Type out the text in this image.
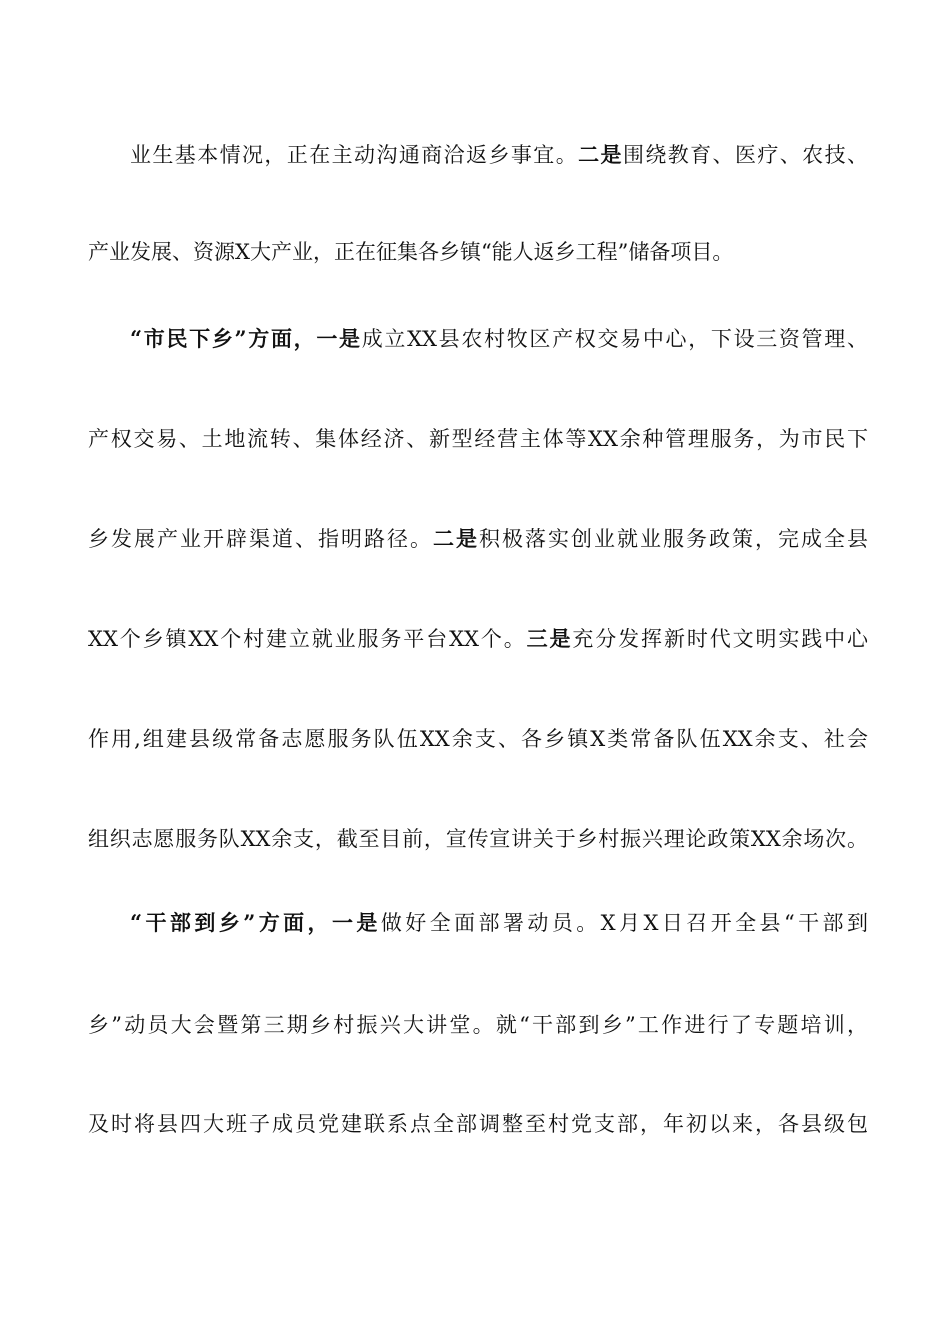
业生基本情况，正在主动沟通商洽返乡事宜。二是围绕教育、医疗、农技、
产业发展、资源X大产业，正在征集各乡镇“能人返乡工程”储备项目。
“市民下乡”方面，一是成立XX县农村牧区产权交易中心，下设三资管理、
产权交易、土地流转、集体经济、新型经营主体等XX余种管理服务，为市民下
乡发展产业开辟渠道、指明路径。二是积极落实创业就业服务政策，完成全县
XX个乡镇XX个村建立就业服务平台XX个。三是充分发挥新时代文明实践中心
作用,组建县级常备志愿服务队伍XX余支、各乡镇X类常备队伍XX余支、社会
组织志愿服务队XX余支，截至目前，宣传宣讲关于乡村振兴理论政策XX余场次。
“干部到乡”方面，一是做好全面部署动员。X月X日召开全县“干部到
乡”动员大会暨第三期乡村振兴大讲堂。就“干部到乡”工作进行了专题培训，
及时将县四大班子成员党建联系点全部调整至村党支部，年初以来，各县级包
